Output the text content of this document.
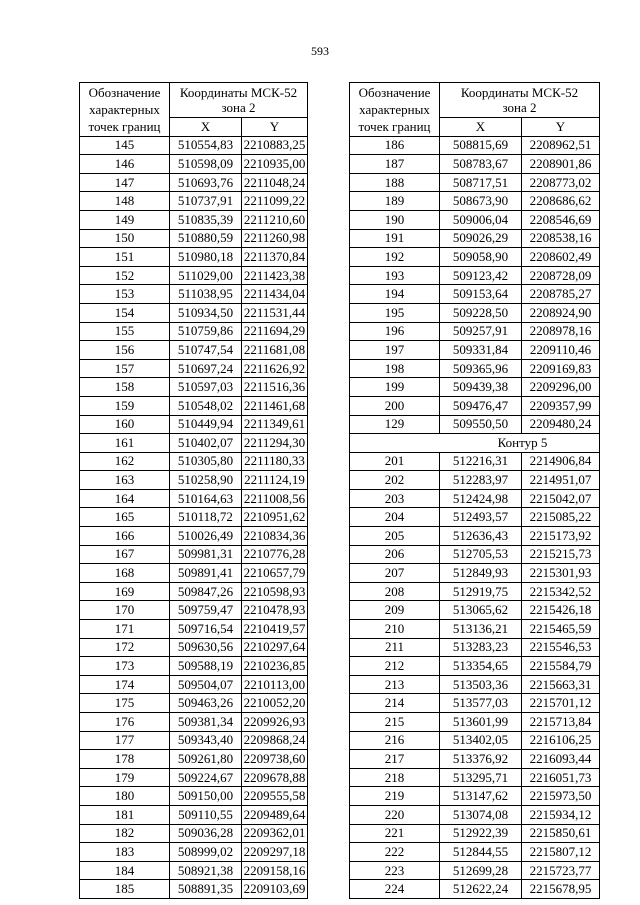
593
Обозначение характерных точек границ	Координаты МСК-52
зона 2	
	X	Y
145	510554,83	2210883,25
146	510598,09	2210935,00
147	510693,76	2211048,24
148	510737,91	2211099,22
149	510835,39	2211210,60
150	510880,59	2211260,98
151	510980,18	2211370,84
152	511029,00	2211423,38
153	511038,95	2211434,04
154	510934,50	2211531,44
155	510759,86	2211694,29
156	510747,54	2211681,08
157	510697,24	2211626,92
158	510597,03	2211516,36
159	510548,02	2211461,68
160	510449,94	2211349,61
161	510402,07	2211294,30
162	510305,80	2211180,33
163	510258,90	2211124,19
164	510164,63	2211008,56
165	510118,72	2210951,62
166	510026,49	2210834,36
167	509981,31	2210776,28
168	509891,41	2210657,79
169	509847,26	2210598,93
170	509759,47	2210478,93
171	509716,54	2210419,57
172	509630,56	2210297,64
173	509588,19	2210236,85
174	509504,07	2210113,00
175	509463,26	2210052,20
176	509381,34	2209926,93
177	509343,40	2209868,24
178	509261,80	2209738,60
179	509224,67	2209678,88
180	509150,00	2209555,58
181	509110,55	2209489,64
182	509036,28	2209362,01
183	508999,02	2209297,18
184	508921,38	2209158,16
185	508891,35	2209103,69
Обозначение характерных точек границ	Координаты МСК-52
зона 2	
	X	Y
186	508815,69	2208962,51
187	508783,67	2208901,86
188	508717,51	2208773,02
189	508673,90	2208686,62
190	509006,04	2208546,69
191	509026,29	2208538,16
192	509058,90	2208602,49
193	509123,42	2208728,09
194	509153,64	2208785,27
195	509228,50	2208924,90
196	509257,91	2208978,16
197	509331,84	2209110,46
198	509365,96	2209169,83
199	509439,38	2209296,00
200	509476,47	2209357,99
129	509550,50	2209480,24
Контур 5		
201	512216,31	2214906,84
202	512283,97	2214951,07
203	512424,98	2215042,07
204	512493,57	2215085,22
205	512636,43	2215173,92
206	512705,53	2215215,73
207	512849,93	2215301,93
208	512919,75	2215342,52
209	513065,62	2215426,18
210	513136,21	2215465,59
211	513283,23	2215546,53
212	513354,65	2215584,79
213	513503,36	2215663,31
214	513577,03	2215701,12
215	513601,99	2215713,84
216	513402,05	2216106,25
217	513376,92	2216093,44
218	513295,71	2216051,73
219	513147,62	2215973,50
220	513074,08	2215934,12
221	512922,39	2215850,61
222	512844,55	2215807,12
223	512699,28	2215723,77
224	512622,24	2215678,95
